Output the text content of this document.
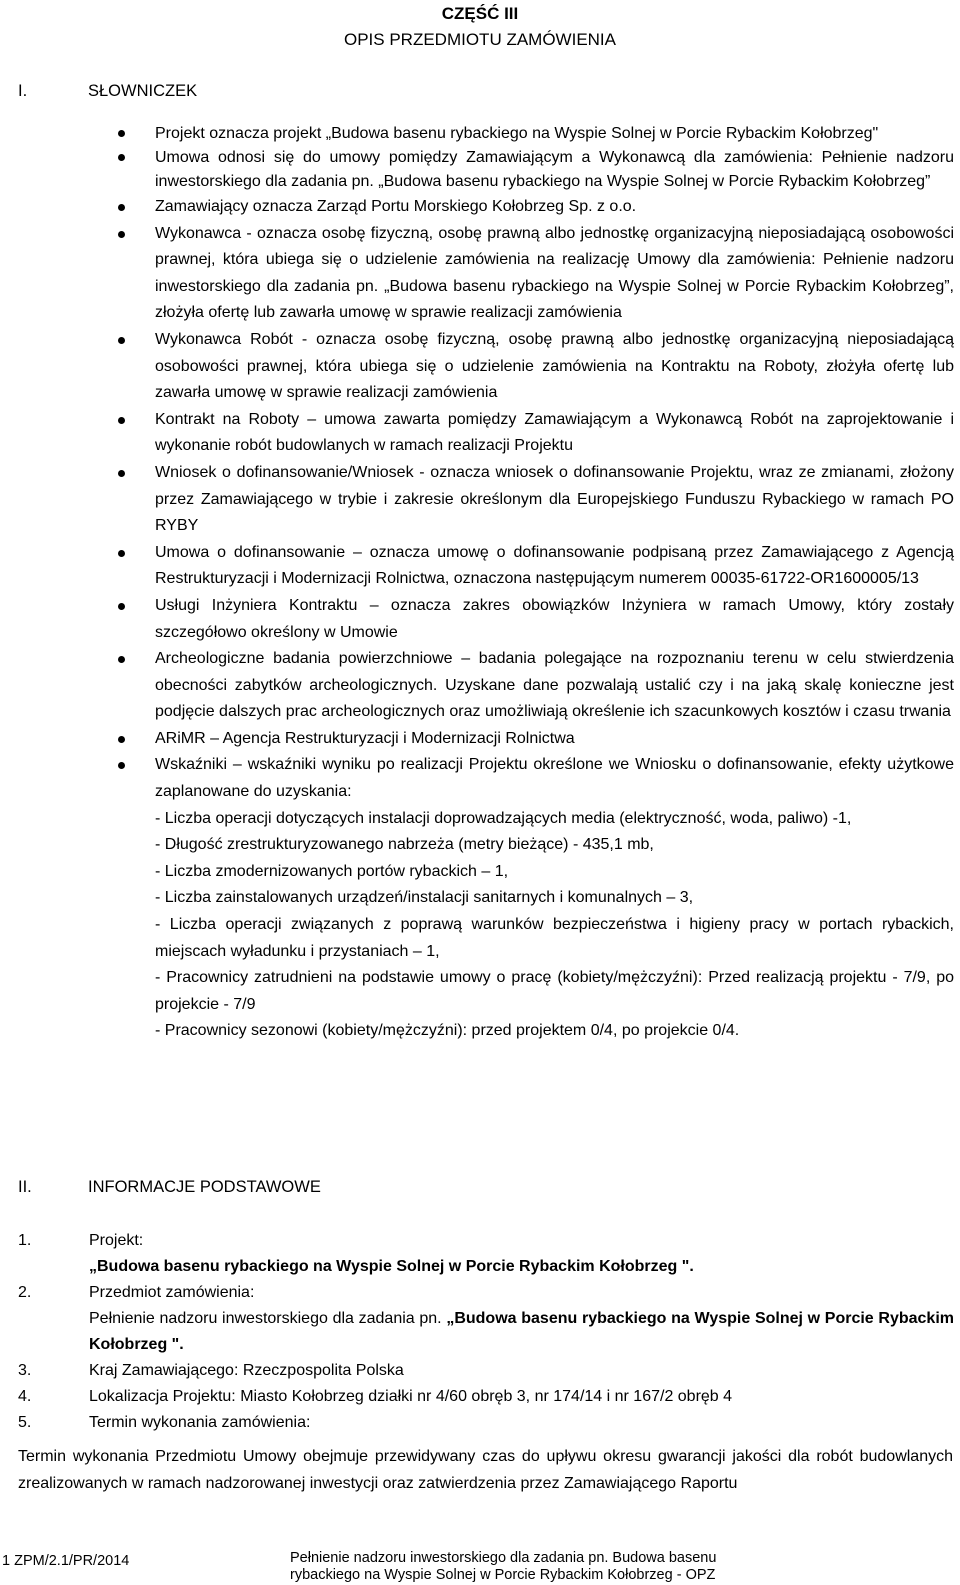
CZĘŚĆ III
OPIS PRZEDMIOTU ZAMÓWIENIA
I.	SŁOWNICZEK
Projekt oznacza projekt „Budowa basenu rybackiego na Wyspie Solnej w Porcie Rybackim Kołobrzeg"
Umowa odnosi się do umowy pomiędzy Zamawiającym a Wykonawcą dla zamówienia: Pełnienie nadzoru inwestorskiego dla zadania pn. „Budowa basenu rybackiego na Wyspie Solnej w Porcie Rybackim Kołobrzeg”
Zamawiający oznacza Zarząd Portu Morskiego Kołobrzeg Sp. z o.o.
Wykonawca - oznacza osobę fizyczną, osobę prawną albo jednostkę organizacyjną nieposiadającą osobowości prawnej, która ubiega się o udzielenie zamówienia na realizację Umowy dla zamówienia: Pełnienie nadzoru inwestorskiego dla zadania pn. „Budowa basenu rybackiego na Wyspie Solnej w Porcie Rybackim Kołobrzeg”, złożyła ofertę lub zawarła umowę w sprawie realizacji zamówienia
Wykonawca Robót - oznacza osobę fizyczną, osobę prawną albo jednostkę organizacyjną nieposiadającą osobowości prawnej, która ubiega się o udzielenie zamówienia na Kontraktu na Roboty, złożyła ofertę lub zawarła umowę w sprawie realizacji zamówienia
Kontrakt na Roboty – umowa zawarta pomiędzy Zamawiającym a Wykonawcą Robót na zaprojektowanie i wykonanie robót budowlanych w ramach realizacji Projektu
Wniosek o dofinansowanie/Wniosek - oznacza wniosek o dofinansowanie Projektu, wraz ze zmianami, złożony przez Zamawiającego w trybie i zakresie określonym dla Europejskiego Funduszu Rybackiego w ramach PO RYBY
Umowa o dofinansowanie – oznacza umowę o dofinansowanie podpisaną przez Zamawiającego z Agencją Restrukturyzacji i Modernizacji Rolnictwa, oznaczona następującym numerem 00035-61722-OR1600005/13
Usługi Inżyniera Kontraktu – oznacza zakres obowiązków Inżyniera w ramach Umowy, który zostały szczegółowo określony w Umowie
Archeologiczne badania powierzchniowe – badania polegające na rozpoznaniu terenu w celu stwierdzenia obecności zabytków archeologicznych. Uzyskane dane pozwalają ustalić czy i na jaką skalę konieczne jest podjęcie dalszych prac archeologicznych oraz umożliwiają określenie ich szacunkowych kosztów i czasu trwania
ARiMR – Agencja Restrukturyzacji i Modernizacji Rolnictwa
Wskaźniki – wskaźniki wyniku po realizacji Projektu określone we Wniosku o dofinansowanie, efekty użytkowe zaplanowane do uzyskania:
- Liczba operacji dotyczących instalacji doprowadzających media (elektryczność, woda, paliwo) -1,
- Długość zrestrukturyzowanego nabrzeża (metry bieżące) - 435,1 mb,
- Liczba zmodernizowanych portów rybackich – 1,
- Liczba zainstalowanych urządzeń/instalacji sanitarnych i komunalnych – 3,
- Liczba operacji związanych z poprawą warunków bezpieczeństwa i higieny pracy w portach rybackich, miejscach wyładunku i przystaniach – 1,
- Pracownicy zatrudnieni na podstawie umowy o pracę (kobiety/mężczyźni): Przed realizacją projektu - 7/9, po projekcie - 7/9
- Pracownicy sezonowi (kobiety/mężczyźni): przed projektem 0/4, po projekcie 0/4.
II.	INFORMACJE PODSTAWOWE
1.	Projekt:
„Budowa basenu rybackiego na Wyspie Solnej w Porcie Rybackim Kołobrzeg ".
2.	Przedmiot zamówienia:
Pełnienie nadzoru inwestorskiego dla zadania pn. „Budowa basenu rybackiego na Wyspie Solnej w Porcie Rybackim Kołobrzeg ".
3.	Kraj Zamawiającego: Rzeczpospolita Polska
4.	Lokalizacja Projektu: Miasto Kołobrzeg działki nr 4/60 obręb 3, nr 174/14 i nr 167/2 obręb 4
5.	Termin wykonania zamówienia:
Termin wykonania Przedmiotu Umowy obejmuje przewidywany czas do upływu okresu gwarancji jakości dla robót budowlanych zrealizowanych w ramach nadzorowanej inwestycji oraz zatwierdzenia przez Zamawiającego Raportu
1 ZPM/2.1/PR/2014	Pełnienie nadzoru inwestorskiego dla zadania pn. Budowa basenu
rybackiego na Wyspie Solnej w Porcie Rybackim Kołobrzeg - OPZ
